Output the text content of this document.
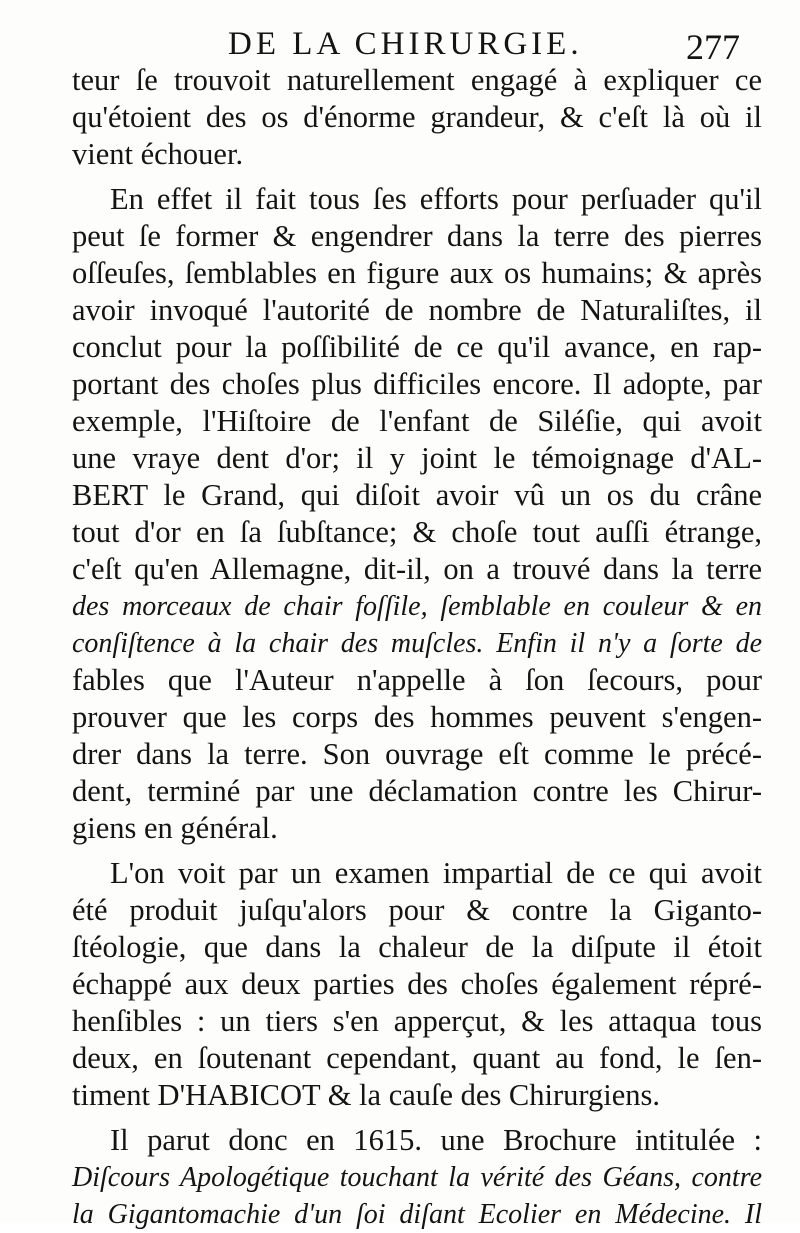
DE LA CHIRURGIE.	277
teur ſe trouvoit naturellement engagé à expliquer ce
qu'étoient des os d'énorme grandeur, & c'eſt là où il
vient échouer.
En effet il fait tous ſes efforts pour perſuader qu'il
peut ſe former & engendrer dans la terre des pierres
oſſeuſes, ſemblables en figure aux os humains; & après
avoir invoqué l'autorité de nombre de Naturaliſtes, il
conclut pour la poſſibilité de ce qu'il avance, en rap-
portant des choſes plus difficiles encore. Il adopte, par
exemple, l'Hiſtoire de l'enfant de Siléſie, qui avoit
une vraye dent d'or; il y joint le témoignage d'AL-
BERT le Grand, qui diſoit avoir vû un os du crâne
tout d'or en ſa ſubſtance; & choſe tout auſſi étrange,
c'eſt qu'en Allemagne, dit-il, on a trouvé dans la terre
des morceaux de chair foſſile, ſemblable en couleur & en
conſiſtence à la chair des muſcles. Enfin il n'y a ſorte de
fables que l'Auteur n'appelle à ſon ſecours, pour
prouver que les corps des hommes peuvent s'engen-
drer dans la terre. Son ouvrage eſt comme le précé-
dent, terminé par une déclamation contre les Chirur-
giens en général.
L'on voit par un examen impartial de ce qui avoit
été produit juſqu'alors pour & contre la Giganto-
ſtéologie, que dans la chaleur de la diſpute il étoit
échappé aux deux parties des choſes également répré-
henſibles : un tiers s'en apperçut, & les attaqua tous
deux, en ſoutenant cependant, quant au fond, le ſen-
timent D'HABICOT & la cauſe des Chirurgiens.
Il parut donc en 1615. une Brochure intitulée :
Diſcours Apologétique touchant la vérité des Géans, contre
la Gigantomachie d'un ſoi diſant Ecolier en Médecine. Il
